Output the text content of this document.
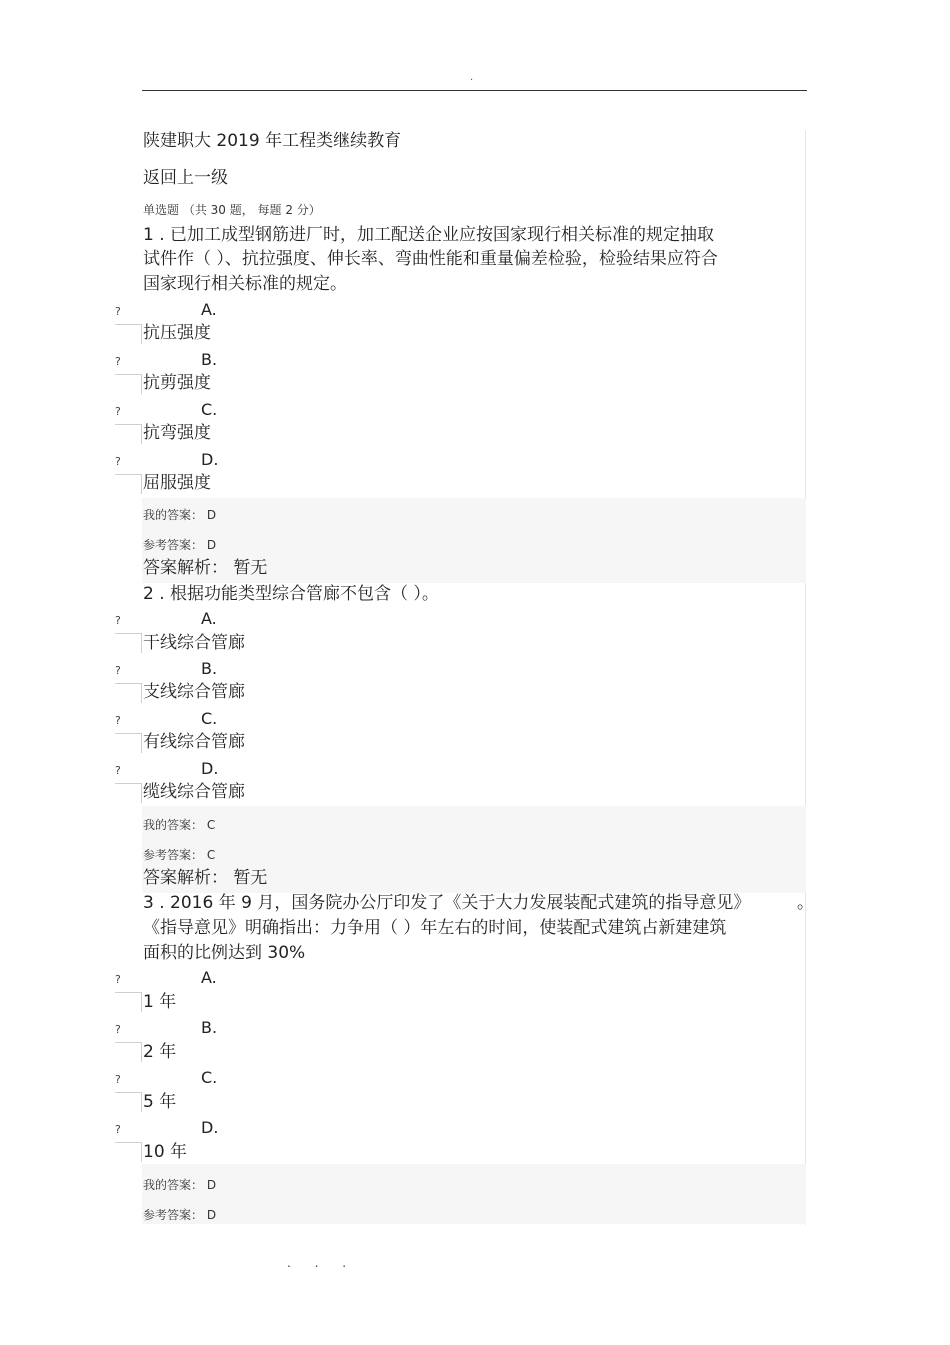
.
陕建职大 2019 年工程类继续教育
返回上一级
单选题 （共 30 题， 每题 2 分）
1 . 已加工成型钢筋进厂时，加工配送企业应按国家现行相关标准的规定抽取
试件作（ ）、抗拉强度、伸长率、弯曲性能和重量偏差检验，检验结果应符合
国家现行相关标准的规定。
?	A.
抗压强度
?	B.
抗剪强度
?	C.
抗弯强度
?	D.
屈服强度
我的答案： D
参考答案： D
答案解析： 暂无
2 . 根据功能类型综合管廊不包含（ ）。
?	A.
干线综合管廊
?	B.
支线综合管廊
?	C.
有线综合管廊
?	D.
缆线综合管廊
我的答案： C
参考答案： C
答案解析： 暂无
3 . 2016 年 9 月，国务院办公厅印发了《关于大力发展装配式建筑的指导意见》	。
《指导意见》明确指出：力争用（ ）年左右的时间，使装配式建筑占新建建筑
面积的比例达到 30%
?	A.
1 年
?	B.
2 年
?	C.
5 年
?	D.
10 年
我的答案： D
参考答案： D
. . .
